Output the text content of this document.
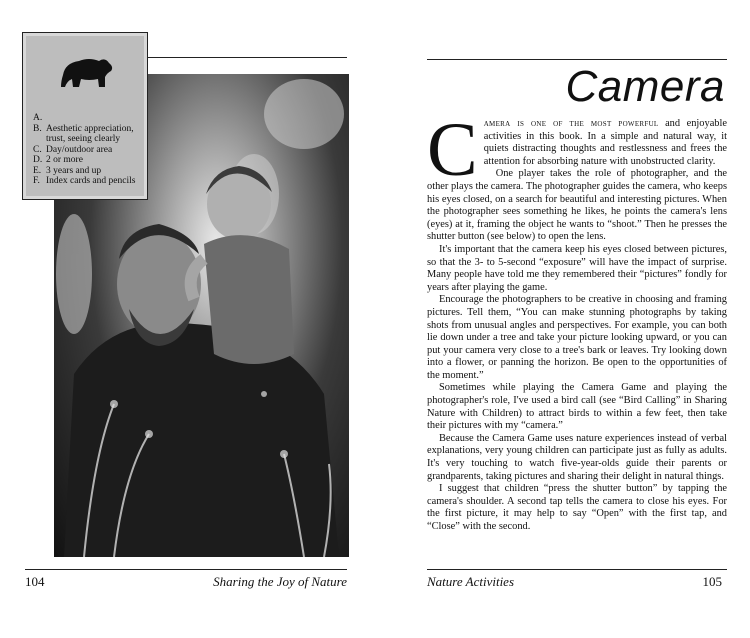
A.
B. Aesthetic appreciation, trust, seeing clearly
C. Day/outdoor area
D. 2 or more
E. 3 years and up
F. Index cards and pencils
104	Sharing the Joy of Nature
Camera

Camera is one of the most powerful and enjoyable activities in this book. In a simple and natural way, it quiets distracting thoughts and restlessness and frees the attention for absorbing nature with unobstructed clarity.

One player takes the role of photographer, and the other plays the camera. The photographer guides the camera, who keeps his eyes closed, on a search for beautiful and interesting pictures. When the photographer sees something he likes, he points the camera's lens (eyes) at it, framing the object he wants to “shoot.” Then he presses the shutter button (see below) to open the lens.

It's important that the camera keep his eyes closed between pictures, so that the 3- to 5-second “exposure” will have the impact of surprise. Many people have told me they remembered their “pictures” fondly for years after playing the game.

Encourage the photographers to be creative in choosing and framing pictures. Tell them, “You can make stunning photographs by taking shots from unusual angles and perspectives. For example, you can both lie down under a tree and take your picture looking upward, or you can put your camera very close to a tree's bark or leaves. Try looking down into a flower, or panning the horizon. Be open to the opportunities of the moment.”

Sometimes while playing the Camera Game and playing the photographer's role, I've used a bird call (see “Bird Calling” in Sharing Nature with Children) to attract birds to within a few feet, then take their pictures with my “camera.”

Because the Camera Game uses nature experiences instead of verbal explanations, very young children can participate just as fully as adults. It's very touching to watch five-year-olds guide their parents or grandparents, taking pictures and sharing their delight in natural things.

I suggest that children “press the shutter button” by tapping the camera's shoulder. A second tap tells the camera to close his eyes. For the first picture, it may help to say “Open” with the first tap, and “Close” with the second.

Nature Activities	105
